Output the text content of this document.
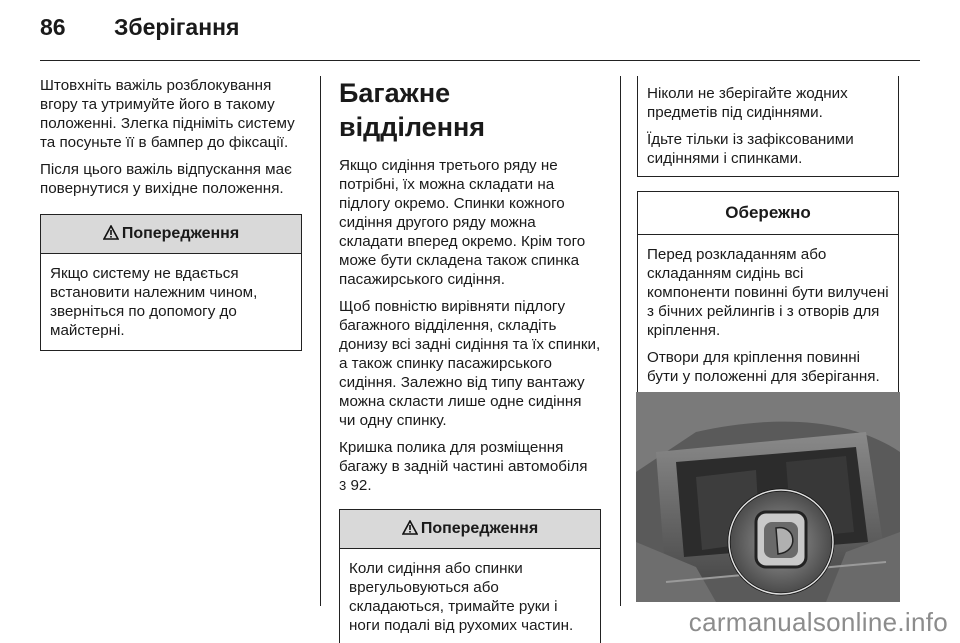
86	Зберігання

Штовхніть важіль розблокування вгору та утримуйте його в такому положенні. Злегка підніміть систему та посуньте її в бампер до фіксації.

Після цього важіль відпускання має повернутися у вихідне положення.

Попередження

Якщо систему не вдається встановити належним чином, зверніться по допомогу до майстерні.

Багажне відділення

Якщо сидіння третього ряду не потрібні, їх можна складати на підлогу окремо. Спинки кожного сидіння другого ряду можна складати вперед окремо. Крім того може бути складена також спинка пасажирського сидіння.

Щоб повністю вирівняти підлогу багажного відділення, складіть донизу всі задні сидіння та їх спинки, а також спинку пасажирського сидіння. Залежно від типу вантажу можна скласти лише одне сидіння чи одну спинку.

Кришка полика для розміщення багажу в задній частині автомобіля
3 92.

Попередження

Коли сидіння або спинки врегульовуються або складаються, тримайте руки і ноги подалі від рухомих частин.

Ніколи не зберігайте жодних предметів під сидіннями.

Їдьте тільки із зафіксованими сидіннями і спинками.

Обережно

Перед розкладанням або складанням сидінь всі компоненти повинні бути вилучені з бічних рейлингів і з отворів для кріплення.

Отвори для кріплення повинні бути у положенні для зберігання.

carmanualsonline.info
